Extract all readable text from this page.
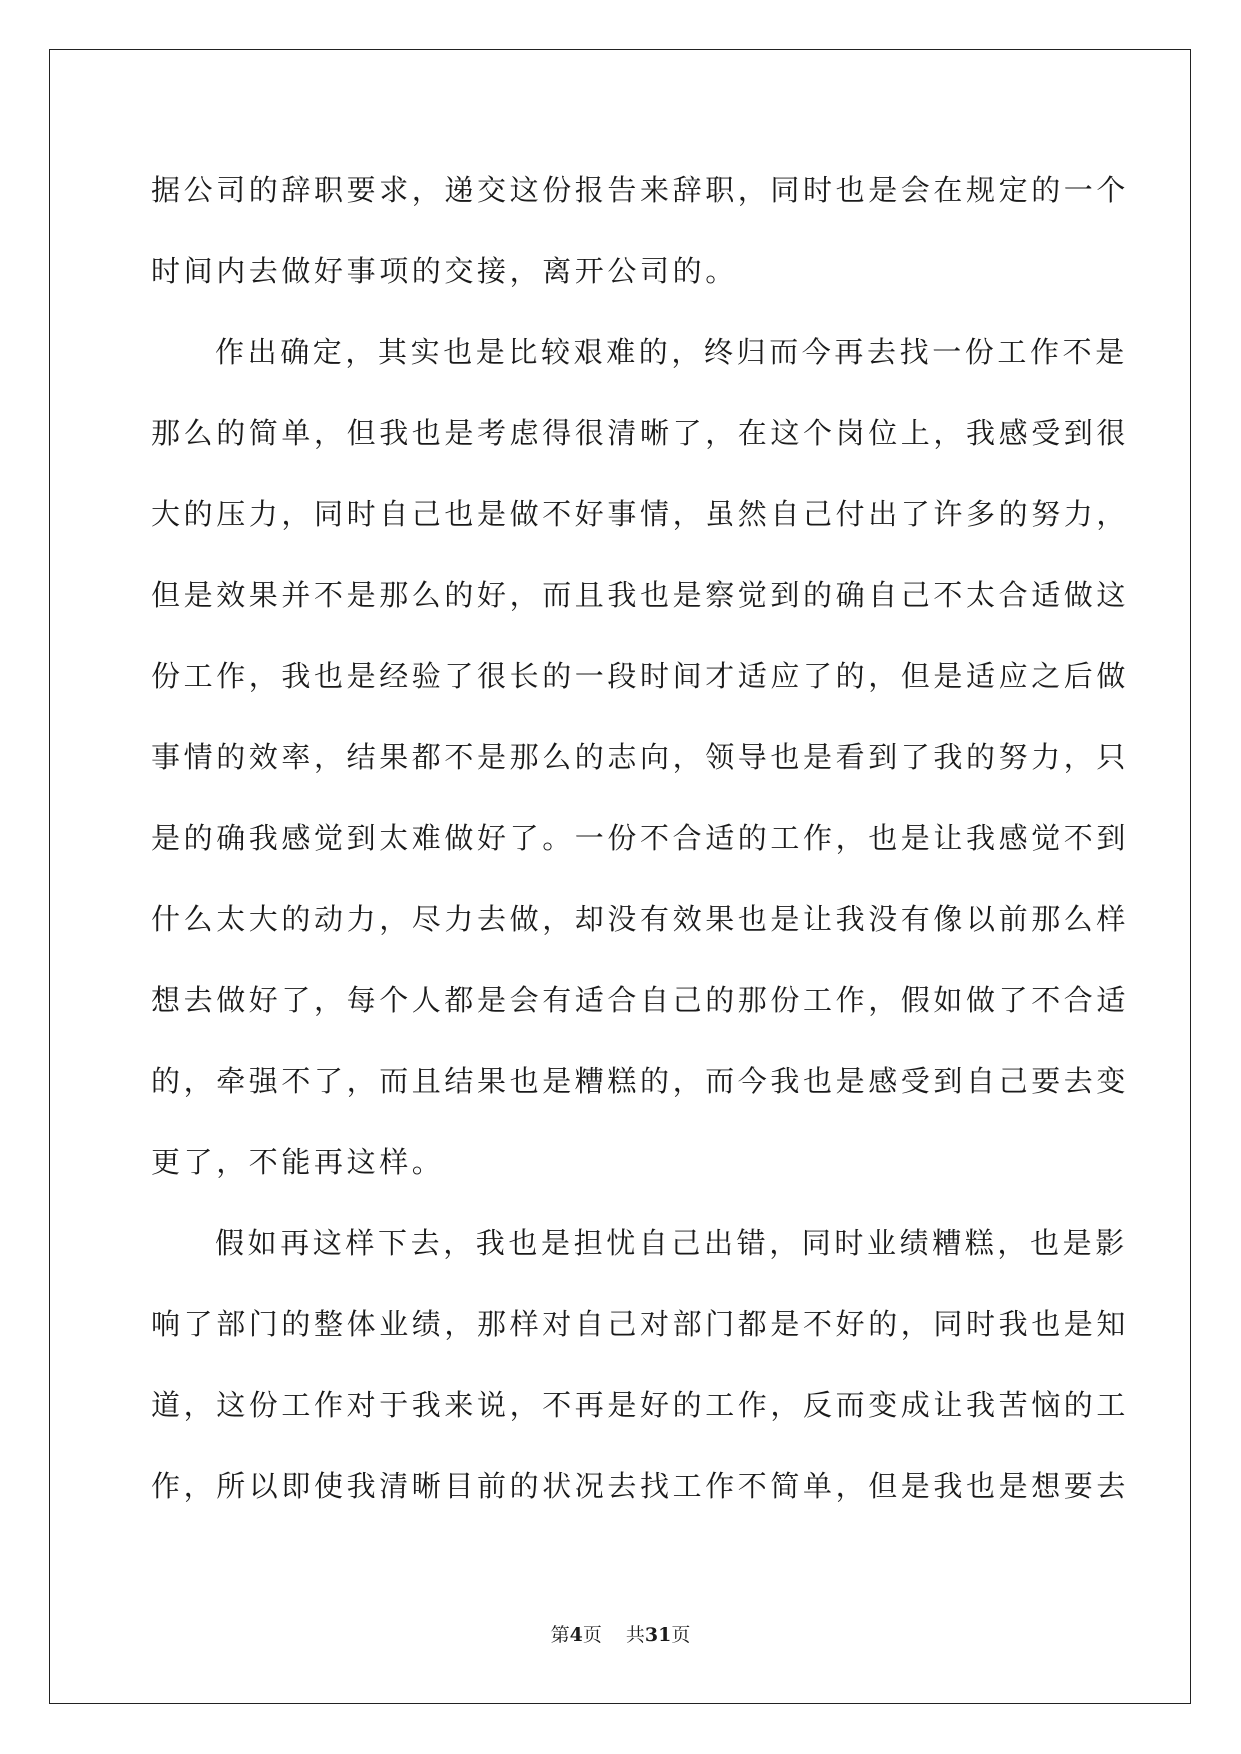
据公司的辞职要求，递交这份报告来辞职，同时也是会在规定的一个
时间内去做好事项的交接，离开公司的。
作出确定，其实也是比较艰难的，终归而今再去找一份工作不是
那么的简单，但我也是考虑得很清晰了，在这个岗位上，我感受到很
大的压力，同时自己也是做不好事情，虽然自己付出了许多的努力，
但是效果并不是那么的好，而且我也是察觉到的确自己不太合适做这
份工作，我也是经验了很长的一段时间才适应了的，但是适应之后做
事情的效率，结果都不是那么的志向，领导也是看到了我的努力，只
是的确我感觉到太难做好了。一份不合适的工作，也是让我感觉不到
什么太大的动力，尽力去做，却没有效果也是让我没有像以前那么样
想去做好了，每个人都是会有适合自己的那份工作，假如做了不合适
的，牵强不了，而且结果也是糟糕的，而今我也是感受到自己要去变
更了，不能再这样。
假如再这样下去，我也是担忧自己出错，同时业绩糟糕，也是影
响了部门的整体业绩，那样对自己对部门都是不好的，同时我也是知
道，这份工作对于我来说，不再是好的工作，反而变成让我苦恼的工
作，所以即使我清晰目前的状况去找工作不简单，但是我也是想要去
第4页 共31页
